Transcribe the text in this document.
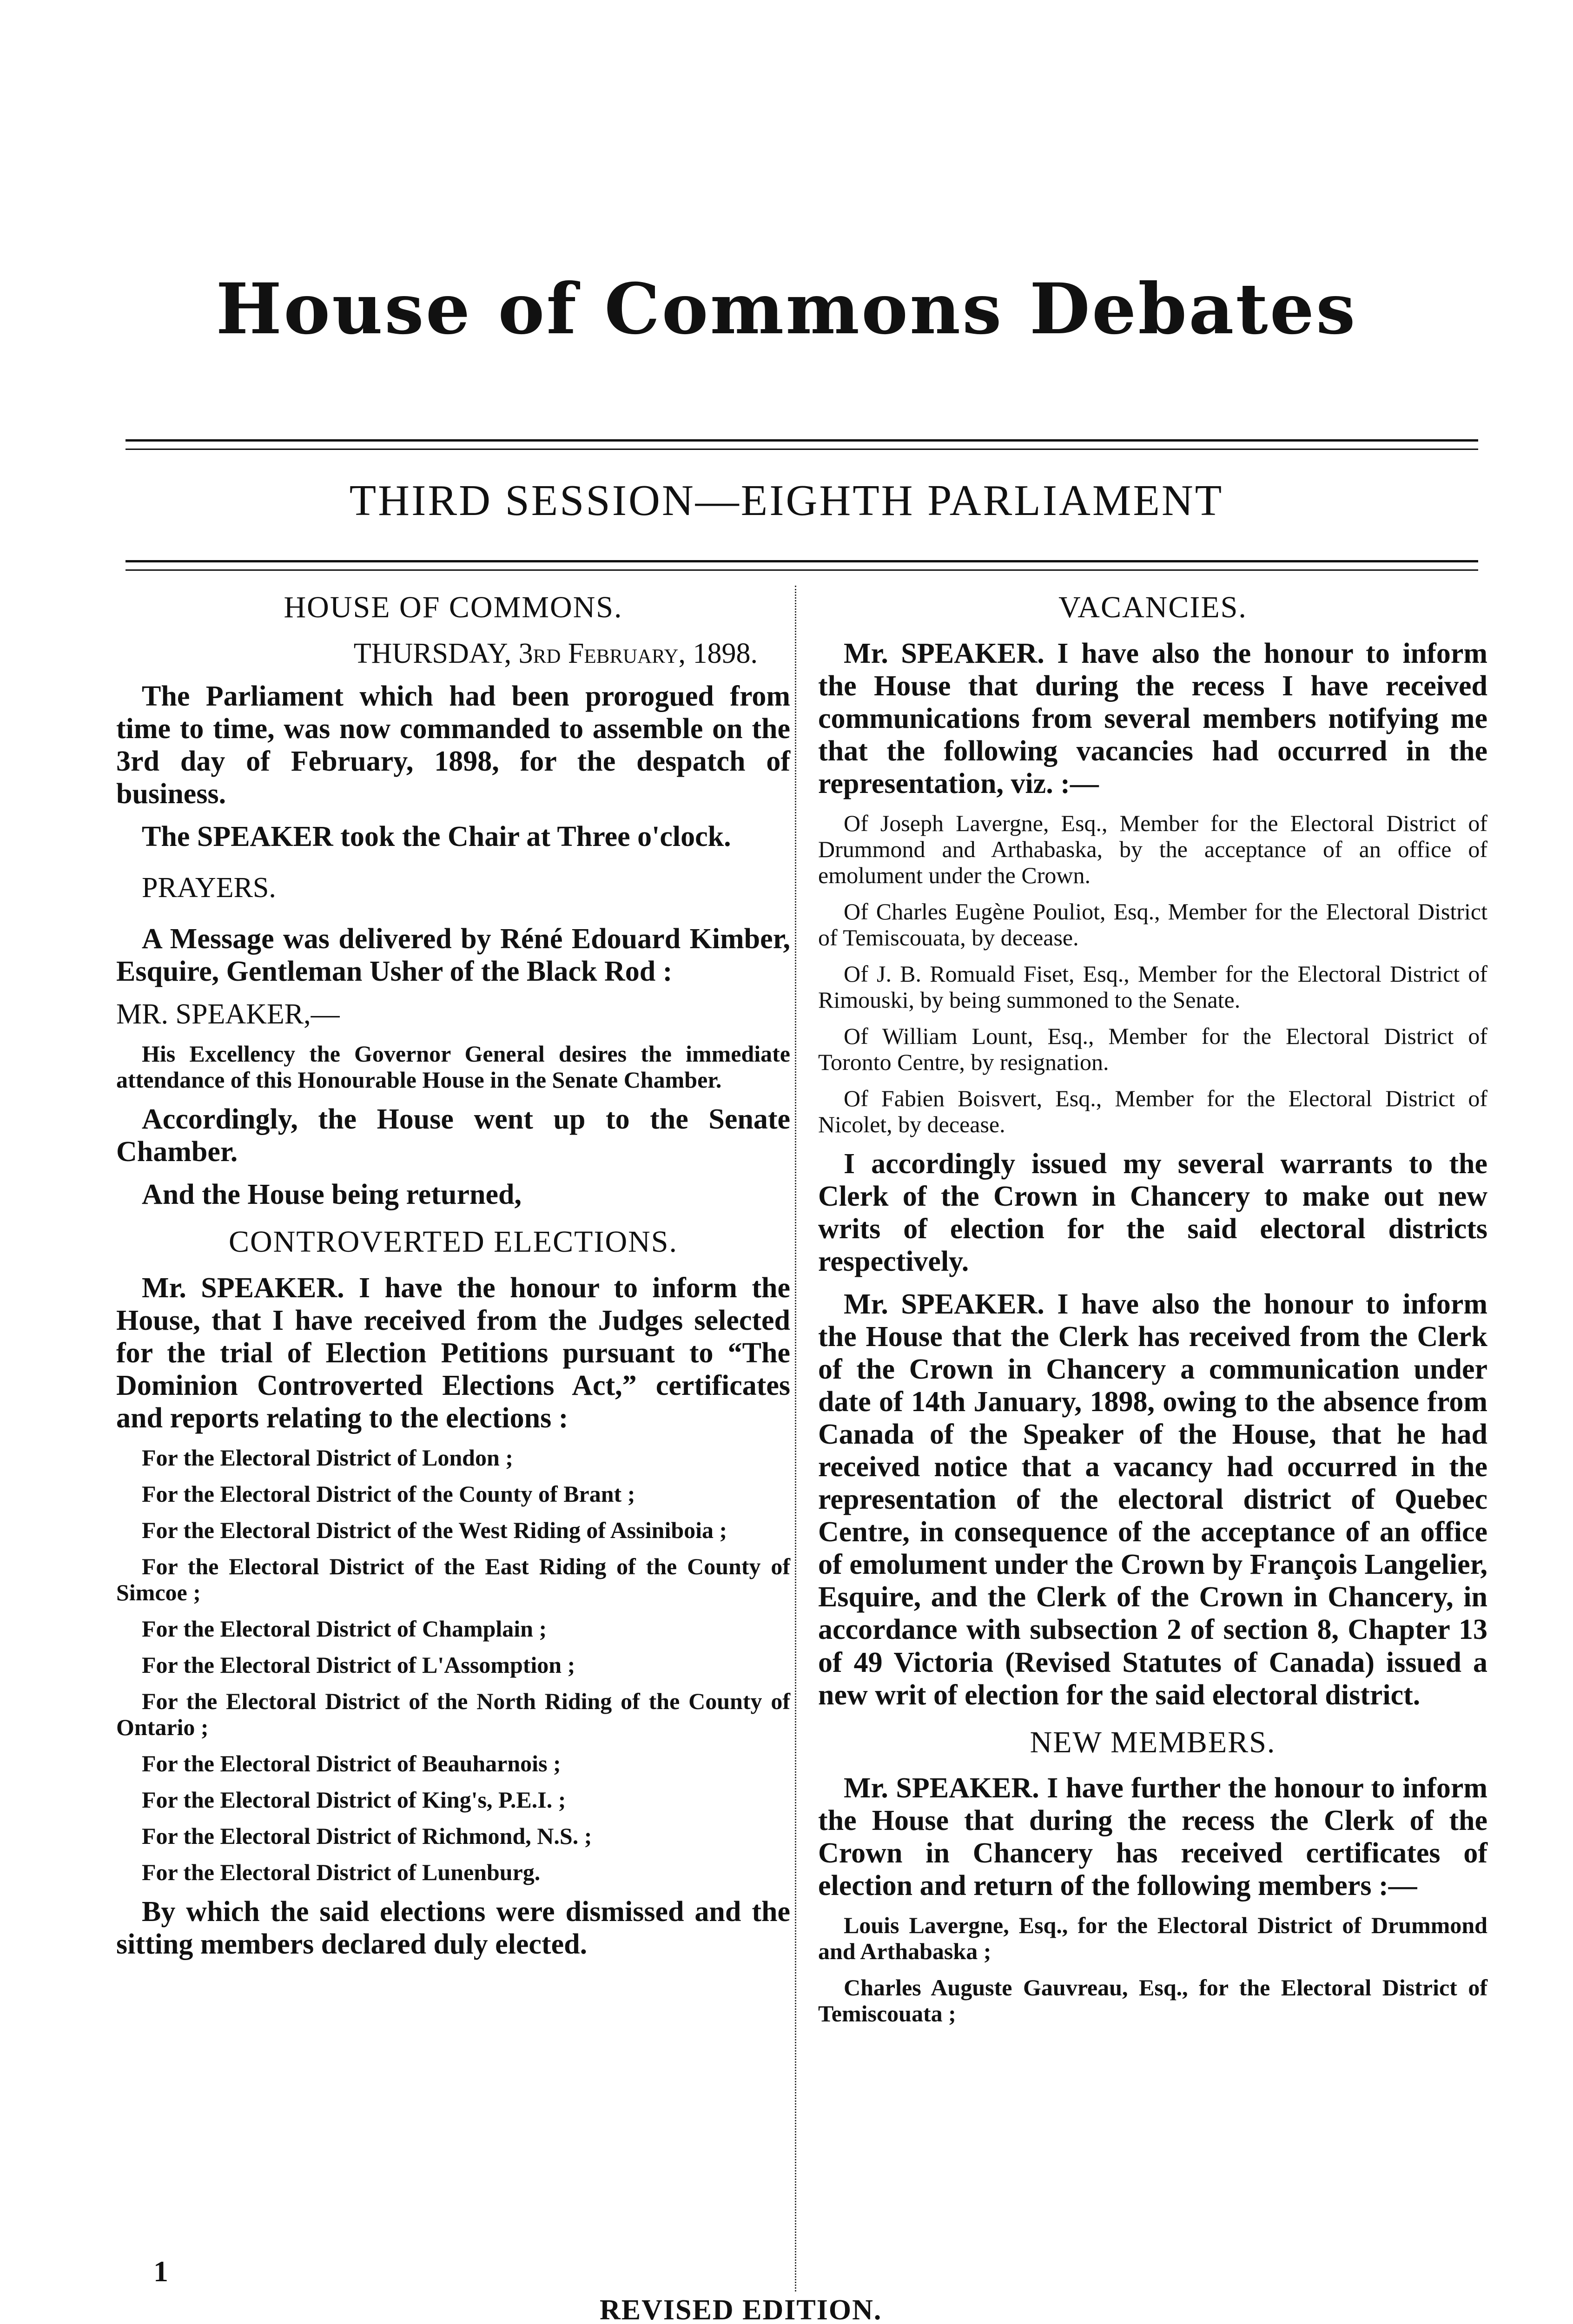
House of Commons Debates
THIRD SESSION—EIGHTH PARLIAMENT
HOUSE OF COMMONS.

THURSDAY, 3rd February, 1898.

The Parliament which had been prorogued from time to time, was now commanded to assemble on the 3rd day of February, 1898, for the despatch of business.

The SPEAKER took the Chair at Three o'clock.

PRAYERS.

A Message was delivered by Réné Edouard Kimber, Esquire, Gentleman Usher of the Black Rod :

MR. SPEAKER,—

His Excellency the Governor General desires the immediate attendance of this Honourable House in the Senate Chamber.

Accordingly, the House went up to the Senate Chamber.

And the House being returned,

CONTROVERTED ELECTIONS.

Mr. SPEAKER. I have the honour to inform the House, that I have received from the Judges selected for the trial of Election Petitions pursuant to “The Dominion Controverted Elections Act,” certificates and reports relating to the elections :

For the Electoral District of London ;

For the Electoral District of the County of Brant ;

For the Electoral District of the West Riding of Assiniboia ;

For the Electoral District of the East Riding of the County of Simcoe ;

For the Electoral District of Champlain ;

For the Electoral District of L'Assomption ;

For the Electoral District of the North Riding of the County of Ontario ;

For the Electoral District of Beauharnois ;

For the Electoral District of King's, P.E.I. ;

For the Electoral District of Richmond, N.S. ;

For the Electoral District of Lunenburg.

By which the said elections were dismissed and the sitting members declared duly elected.

VACANCIES.

Mr. SPEAKER. I have also the honour to inform the House that during the recess I have received communications from several members notifying me that the following vacancies had occurred in the representation, viz. :—

Of Joseph Lavergne, Esq., Member for the Electoral District of Drummond and Arthabaska, by the acceptance of an office of emolument under the Crown.

Of Charles Eugène Pouliot, Esq., Member for the Electoral District of Temiscouata, by decease.

Of J. B. Romuald Fiset, Esq., Member for the Electoral District of Rimouski, by being summoned to the Senate.

Of William Lount, Esq., Member for the Electoral District of Toronto Centre, by resignation.

Of Fabien Boisvert, Esq., Member for the Electoral District of Nicolet, by decease.

I accordingly issued my several warrants to the Clerk of the Crown in Chancery to make out new writs of election for the said electoral districts respectively.

Mr. SPEAKER. I have also the honour to inform the House that the Clerk has received from the Clerk of the Crown in Chancery a communication under date of 14th January, 1898, owing to the absence from Canada of the Speaker of the House, that he had received notice that a vacancy had occurred in the representation of the electoral district of Quebec Centre, in consequence of the acceptance of an office of emolument under the Crown by François Langelier, Esquire, and the Clerk of the Crown in Chancery, in accordance with subsection 2 of section 8, Chapter 13 of 49 Victoria (Revised Statutes of Canada) issued a new writ of election for the said electoral district.

NEW MEMBERS.

Mr. SPEAKER. I have further the honour to inform the House that during the recess the Clerk of the Crown in Chancery has received certificates of election and return of the following members :—

Louis Lavergne, Esq., for the Electoral District of Drummond and Arthabaska ;

Charles Auguste Gauvreau, Esq., for the Electoral District of Temiscouata ;

1
REVISED EDITION.
